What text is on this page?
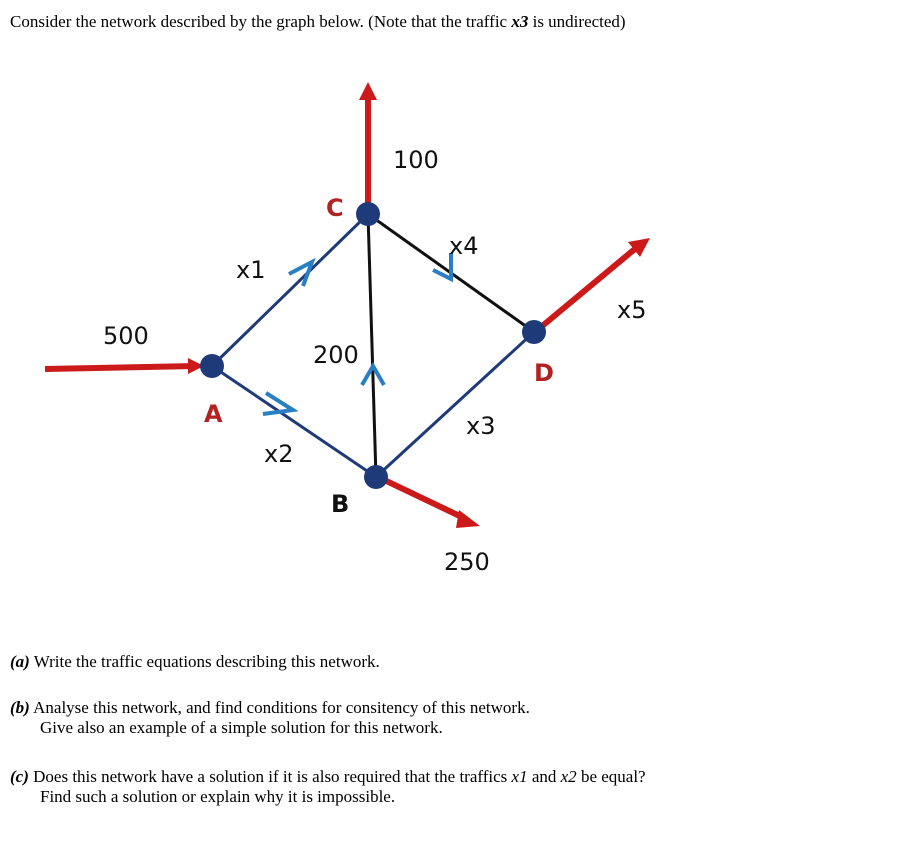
Consider the network described by the graph below. (Note that the traffic x3 is undirected)
A
C
B
D
500
100
250
200
x1
x2
x3
x4
x5
(a) Write the traffic equations describing this network.
(b) Analyse this network, and find conditions for consitency of this network.
Give also an example of a simple solution for this network.
(c) Does this network have a solution if it is also required that the traffics x1 and x2 be equal?
Find such a solution or explain why it is impossible.
